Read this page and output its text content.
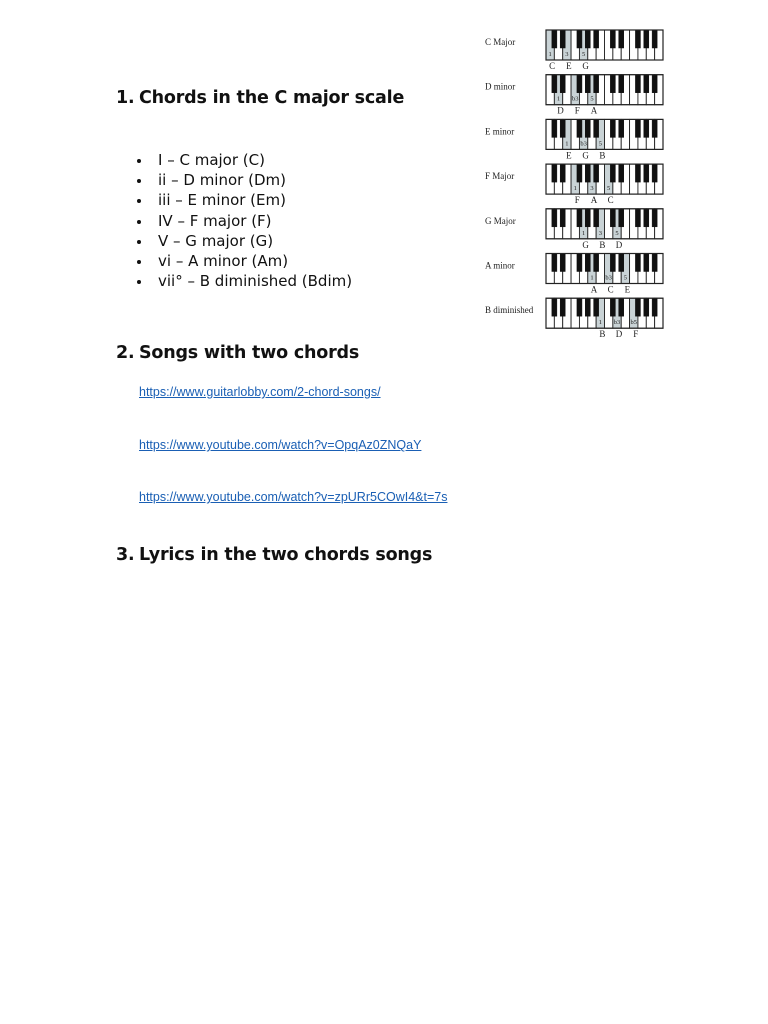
1. Chords in the C major scale
I – C major (C)
ii – D minor (Dm)
iii – E minor (Em)
IV – F major (F)
V – G major (G)
vi – A minor (Am)
vii° – B diminished (Bdim)
2. Songs with two chords
https://www.guitarlobby.com/2-chord-songs/
https://www.youtube.com/watch?v=OpqAz0ZNQaY
https://www.youtube.com/watch?v=zpURr5COwI4&t=7s
3. Lyrics in the two chords songs
C Major
1 3 5
C E G
D minor
1 b3 5
D F A
E minor
1 b3 5
E G B
F Major
1 3 5
F A C
G Major
1 3 5
G B D
A minor
1 b3 5
A C E
B diminished
1 b3 b5
B D F
